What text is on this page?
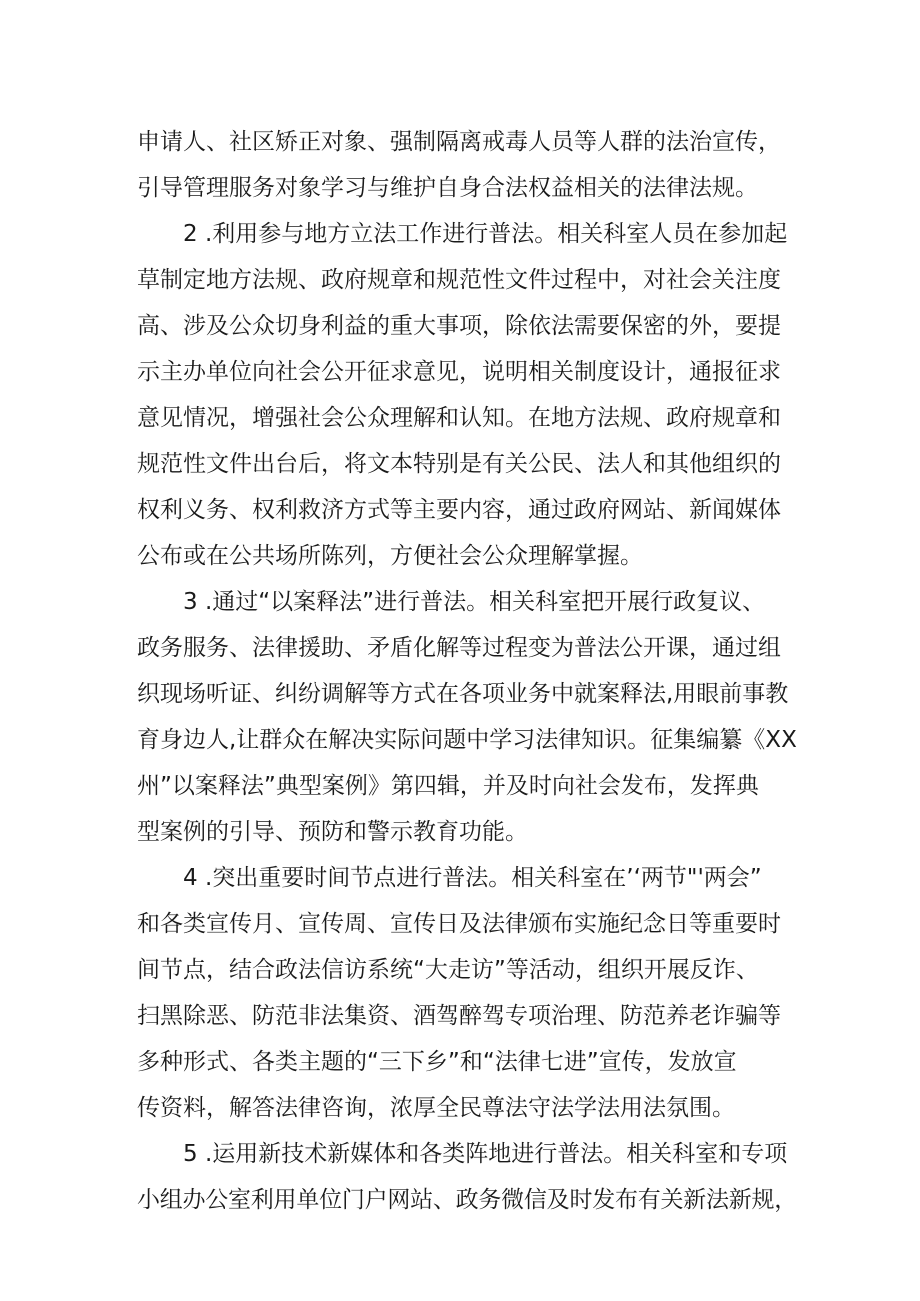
申请人、社区矫正对象、强制隔离戒毒人员等人群的法治宣传，
引导管理服务对象学习与维护自身合法权益相关的法律法规。
2 .利用参与地方立法工作进行普法。相关科室人员在参加起
草制定地方法规、政府规章和规范性文件过程中，对社会关注度
高、涉及公众切身利益的重大事项，除依法需要保密的外，要提
示主办单位向社会公开征求意见，说明相关制度设计，通报征求
意见情况，增强社会公众理解和认知。在地方法规、政府规章和
规范性文件出台后，将文本特别是有关公民、法人和其他组织的
权利义务、权利救济方式等主要内容，通过政府网站、新闻媒体
公布或在公共场所陈列，方便社会公众理解掌握。
3 .通过“以案释法”进行普法。相关科室把开展行政复议、
政务服务、法律援助、矛盾化解等过程变为普法公开课，通过组
织现场听证、纠纷调解等方式在各项业务中就案释法,用眼前事教
育身边人,让群众在解决实际问题中学习法律知识。征集编纂《XX
州”以案释法”典型案例》第四辑，并及时向社会发布，发挥典
型案例的引导、预防和警示教育功能。
4 .突出重要时间节点进行普法。相关科室在’‘两节"'两会”
和各类宣传月、宣传周、宣传日及法律颁布实施纪念日等重要时
间节点，结合政法信访系统“大走访”等活动，组织开展反诈、
扫黑除恶、防范非法集资、酒驾醉驾专项治理、防范养老诈骗等
多种形式、各类主题的“三下乡”和“法律七进”宣传，发放宣
传资料，解答法律咨询，浓厚全民尊法守法学法用法氛围。
5 .运用新技术新媒体和各类阵地进行普法。相关科室和专项
小组办公室利用单位门户网站、政务微信及时发布有关新法新规，
